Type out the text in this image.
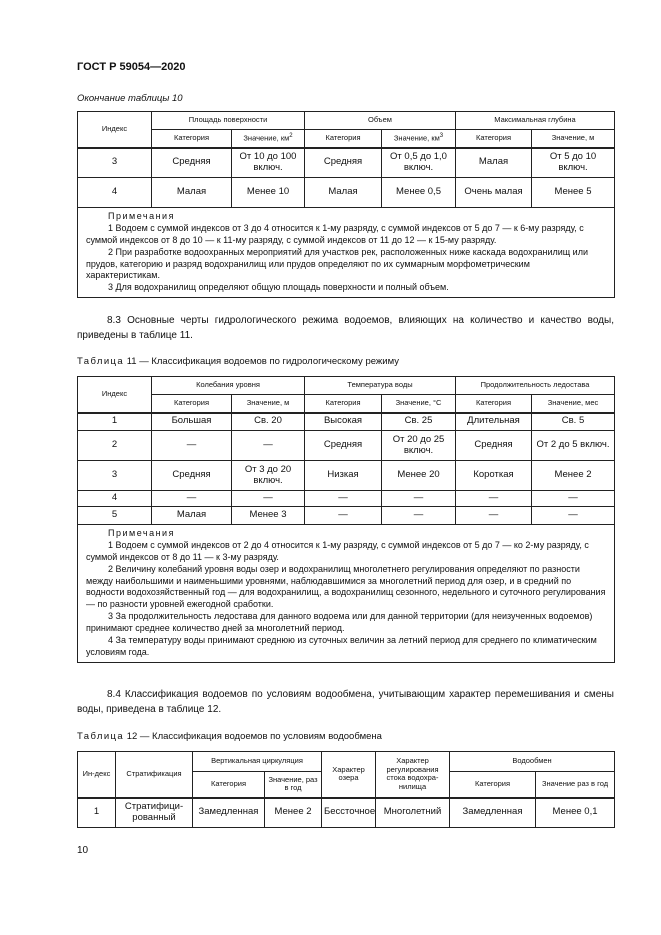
ГОСТ Р 59054—2020
Окончание таблицы 10
Индекс	Площадь поверхности		Объем		Максимальная глубина	
	Категория	Значение, $км^2$	Категория	Значение, $км^3$	Категория	Значение, м
3	Средняя	От 10 до 100 включ.	Средняя	От 0,5 до 1,0 включ.	Малая	От 5 до 10 включ.
4	Малая	Менее 10	Малая	Менее 0,5	Очень малая	Менее 5

Примечания

1 Водоем с суммой индексов от 3 до 4 относится к 1-му разряду, с суммой индексов от 5 до 7 — к 6-му разряду, с суммой индексов от 8 до 10 — к 11-му разряду, с суммой индексов от 11 до 12 — к 15-му разряду.

2 При разработке водоохранных мероприятий для участков рек, расположенных ниже каскада водохранилищ или прудов, категорию и разряд водохранилищ или прудов определяют по их суммарным морфометрическим характеристикам.

3 Для водохранилищ определяют общую площадь поверхности и полный объем.						

8.3 Основные черты гидрологического режима водоемов, влияющих на количество и качество воды, приведены в таблице 11.
Таблица 11 — Классификация водоемов по гидрологическому режиму
Индекс	Колебания уровня		Температура воды		Продолжительность ледостава	
	Категория	Значение, м	Категория	Значение, °С	Категория	Значение, мес
1	Большая	Св. 20	Высокая	Св. 25	Длительная	Св. 5
2	—	—	Средняя	От 20 до 25 включ.	Средняя	От 2 до 5 включ.
3	Средняя	От 3 до 20 включ.	Низкая	Менее 20	Короткая	Менее 2
4	—	—	—	—	—	—
5	Малая	Менее 3	—	—	—	—

Примечания

1 Водоем с суммой индексов от 2 до 4 относится к 1-му разряду, с суммой индексов от 5 до 7 — ко 2-му разряду, с суммой индексов от 8 до 11 — к 3-му разряду.

2 Величину колебаний уровня воды озер и водохранилищ многолетнего регулирования определяют по разности между наибольшими и наименьшими уровнями, наблюдавшимися за многолетний период для озер, и в средний по водности водохозяйственный год — для водохранилищ, а водохранилищ сезонного, недельного и суточного регулирования — по разности уровней ежегодной сработки.

3 За продолжительность ледостава для данного водоема или для данной территории (для неизученных водоемов) принимают среднее количество дней за многолетний период.

4 За температуру воды принимают среднюю из суточных величин за летний период для среднего по климатическим условиям года.						

8.4 Классификация водоемов по условиям водообмена, учитывающим характер перемешивания и смены воды, приведена в таблице 12.
Таблица 12 — Классификация водоемов по условиям водообмена
Ин-декс	Стратификация	Вертикальная циркуляция		Характер озера	Характер регулирования стока водохра-нилища	Водообмен	
		Категория	Значение, раз в год			Категория	Значение раз в год
1	Стратифици-рованный	Замедленная	Менее 2	Бессточное	Многолетний	Замедленная	Менее 0,1
10
